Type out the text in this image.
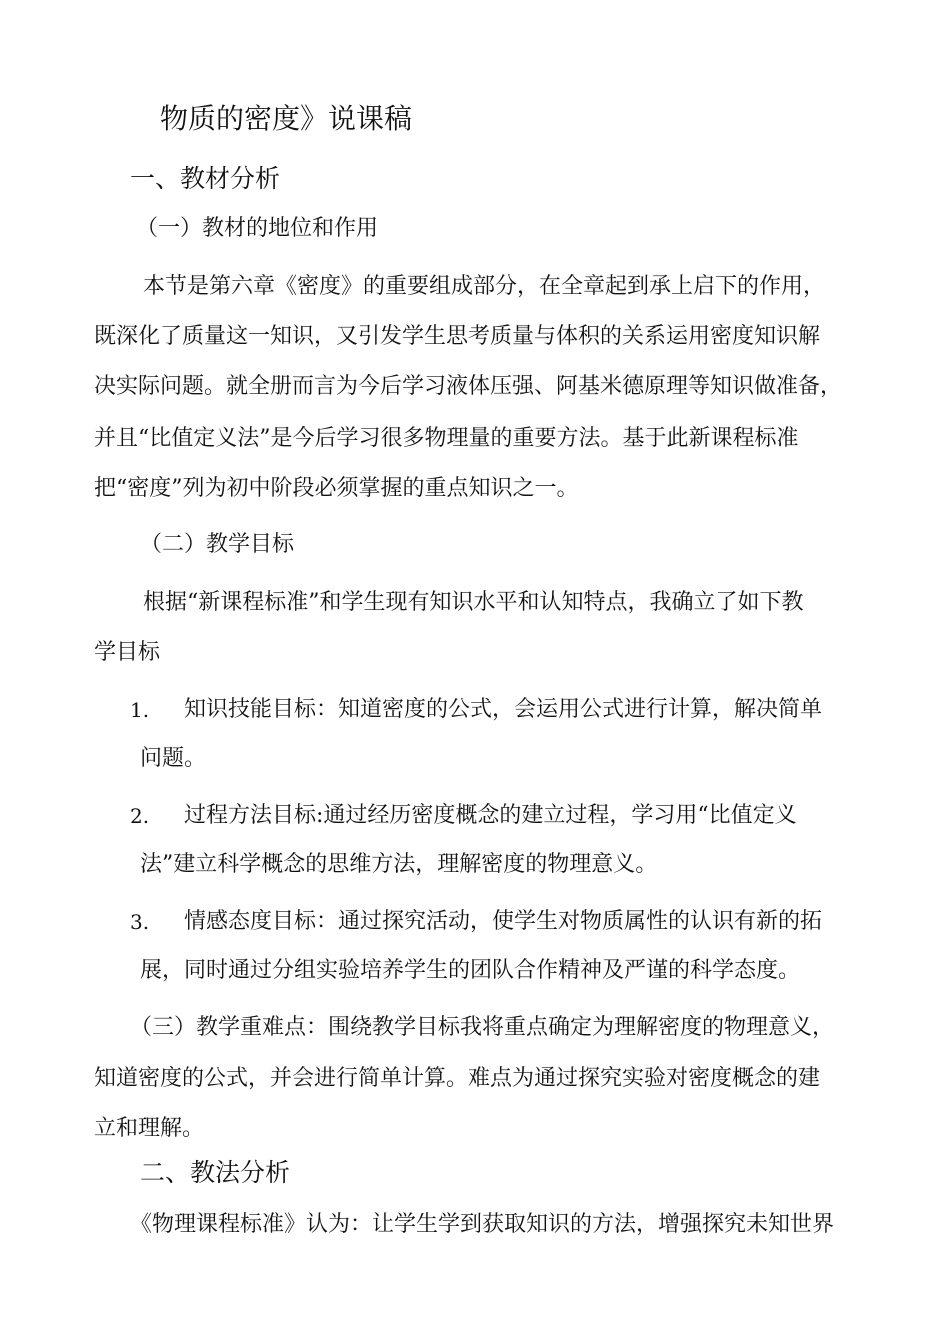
物质的密度》说课稿
一、教材分析
（一）教材的地位和作用
本节是第六章《密度》的重要组成部分，在全章起到承上启下的作用，
既深化了质量这一知识，又引发学生思考质量与体积的关系运用密度知识解
决实际问题。就全册而言为今后学习液体压强、阿基米德原理等知识做准备，
并且“比值定义法”是今后学习很多物理量的重要方法。基于此新课程标准
把“密度”列为初中阶段必须掌握的重点知识之一。
（二）教学目标
根据“新课程标准”和学生现有知识水平和认知特点，我确立了如下教
学目标
1. 知识技能目标：知道密度的公式，会运用公式进行计算，解决简单
问题。
2. 过程方法目标:通过经历密度概念的建立过程，学习用“比值定义
法”建立科学概念的思维方法，理解密度的物理意义。
3. 情感态度目标：通过探究活动，使学生对物质属性的认识有新的拓
展，同时通过分组实验培养学生的团队合作精神及严谨的科学态度。
（三）教学重难点：围绕教学目标我将重点确定为理解密度的物理意义，
知道密度的公式，并会进行简单计算。难点为通过探究实验对密度概念的建
立和理解。
二、教法分析
《物理课程标准》认为：让学生学到获取知识的方法，增强探究未知世界
